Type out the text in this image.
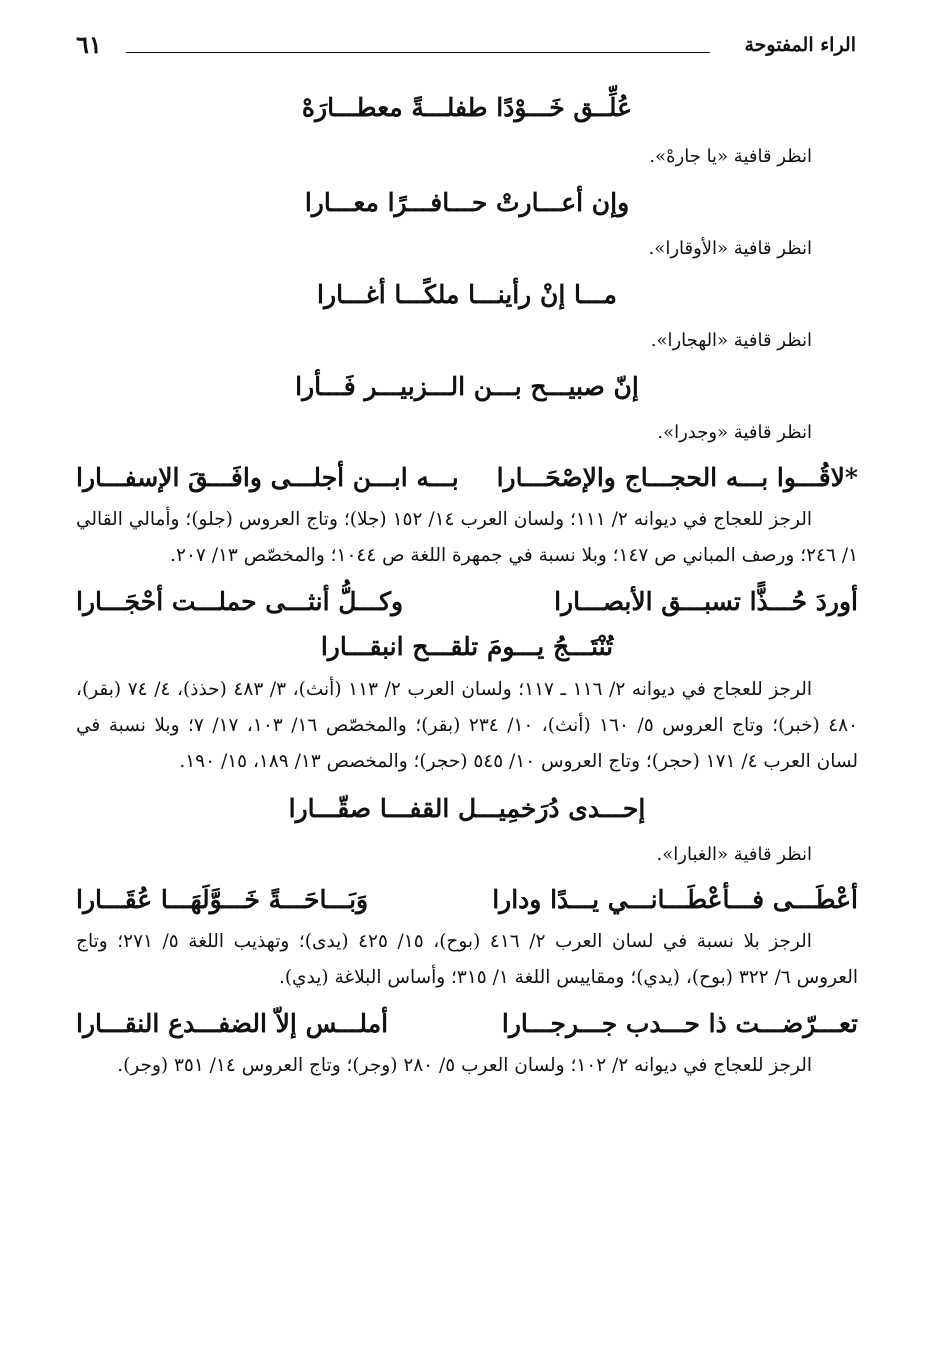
الراء المفتوحة
٦١

عُلِّــق خَـــوْدًا طفلـــةً معطـــارَهْ

انظر قافية «يا جارهْ».

وإن أعـــارتْ حـــافـــرًا معـــارا

انظر قافية «الأوقارا».

مـــا إنْ رأينـــا ملكًـــا أغـــارا

انظر قافية «الهجارا».

إنّ صبيـــح بـــن الـــزبيـــر فَـــأرا

انظر قافية «وجدرا».

*لاقُـــوا بـــه الحجـــاج والإصْحَـــارا بـــه ابـــن أجلـــى وافَـــقَ الإسفـــارا

الرجز للعجاج في ديوانه ٢/ ١١١؛ ولسان العرب ١٤/ ١٥٢ (جلا)؛ وتاج العروس (جلو)؛ وأمالي القالي ١/ ٢٤٦؛ ورصف المباني ص ١٤٧؛ وبلا نسبة في جمهرة اللغة ص ١٠٤٤؛ والمخصّص ١٣/ ٢٠٧.

أوردَ حُـــذًّا تسبـــق الأبصـــارا وكـــلُّ أنثـــى حملـــت أحْجَـــارا

تُنْتَـــجُ يـــومَ تلقـــح انبقـــارا

الرجز للعجاج في ديوانه ٢/ ١١٦ ـ ١١٧؛ ولسان العرب ٢/ ١١٣ (أنث)، ٣/ ٤٨٣ (حذذ)، ٤/ ٧٤ (بقر)، ٤٨٠ (خبر)؛ وتاج العروس ٥/ ١٦٠ (أنث)، ١٠/ ٢٣٤ (بقر)؛ والمخصّص ١٦/ ١٠٣، ١٧/ ٧؛ وبلا نسبة في لسان العرب ٤/ ١٧١ (حجر)؛ وتاج العروس ١٠/ ٥٤٥ (حجر)؛ والمخصص ١٣/ ١٨٩، ١٥/ ١٩٠.

إحـــدى دُرَخمِيـــل القفـــا صقّـــارا

انظر قافية «الغبارا».

أعْطَـــى فـــأعْطَـــانـــي يـــدًا ودارا وَبَـــاحَـــةً خَـــوَّلَهَـــا عُقَـــارا

الرجز بلا نسبة في لسان العرب ٢/ ٤١٦ (بوح)، ١٥/ ٤٢٥ (يدى)؛ وتهذيب اللغة ٥/ ٢٧١؛ وتاج العروس ٦/ ٣٢٢ (بوح)، (يدي)؛ ومقاييس اللغة ١/ ٣١٥؛ وأساس البلاغة (يدي).

تعـــرّضـــت ذا حـــدب جـــرجـــارا أملـــس إلاّ الضفـــدع النقـــارا

الرجز للعجاج في ديوانه ٢/ ١٠٢؛ ولسان العرب ٥/ ٢٨٠ (وجر)؛ وتاج العروس ١٤/ ٣٥١ (وجر).
